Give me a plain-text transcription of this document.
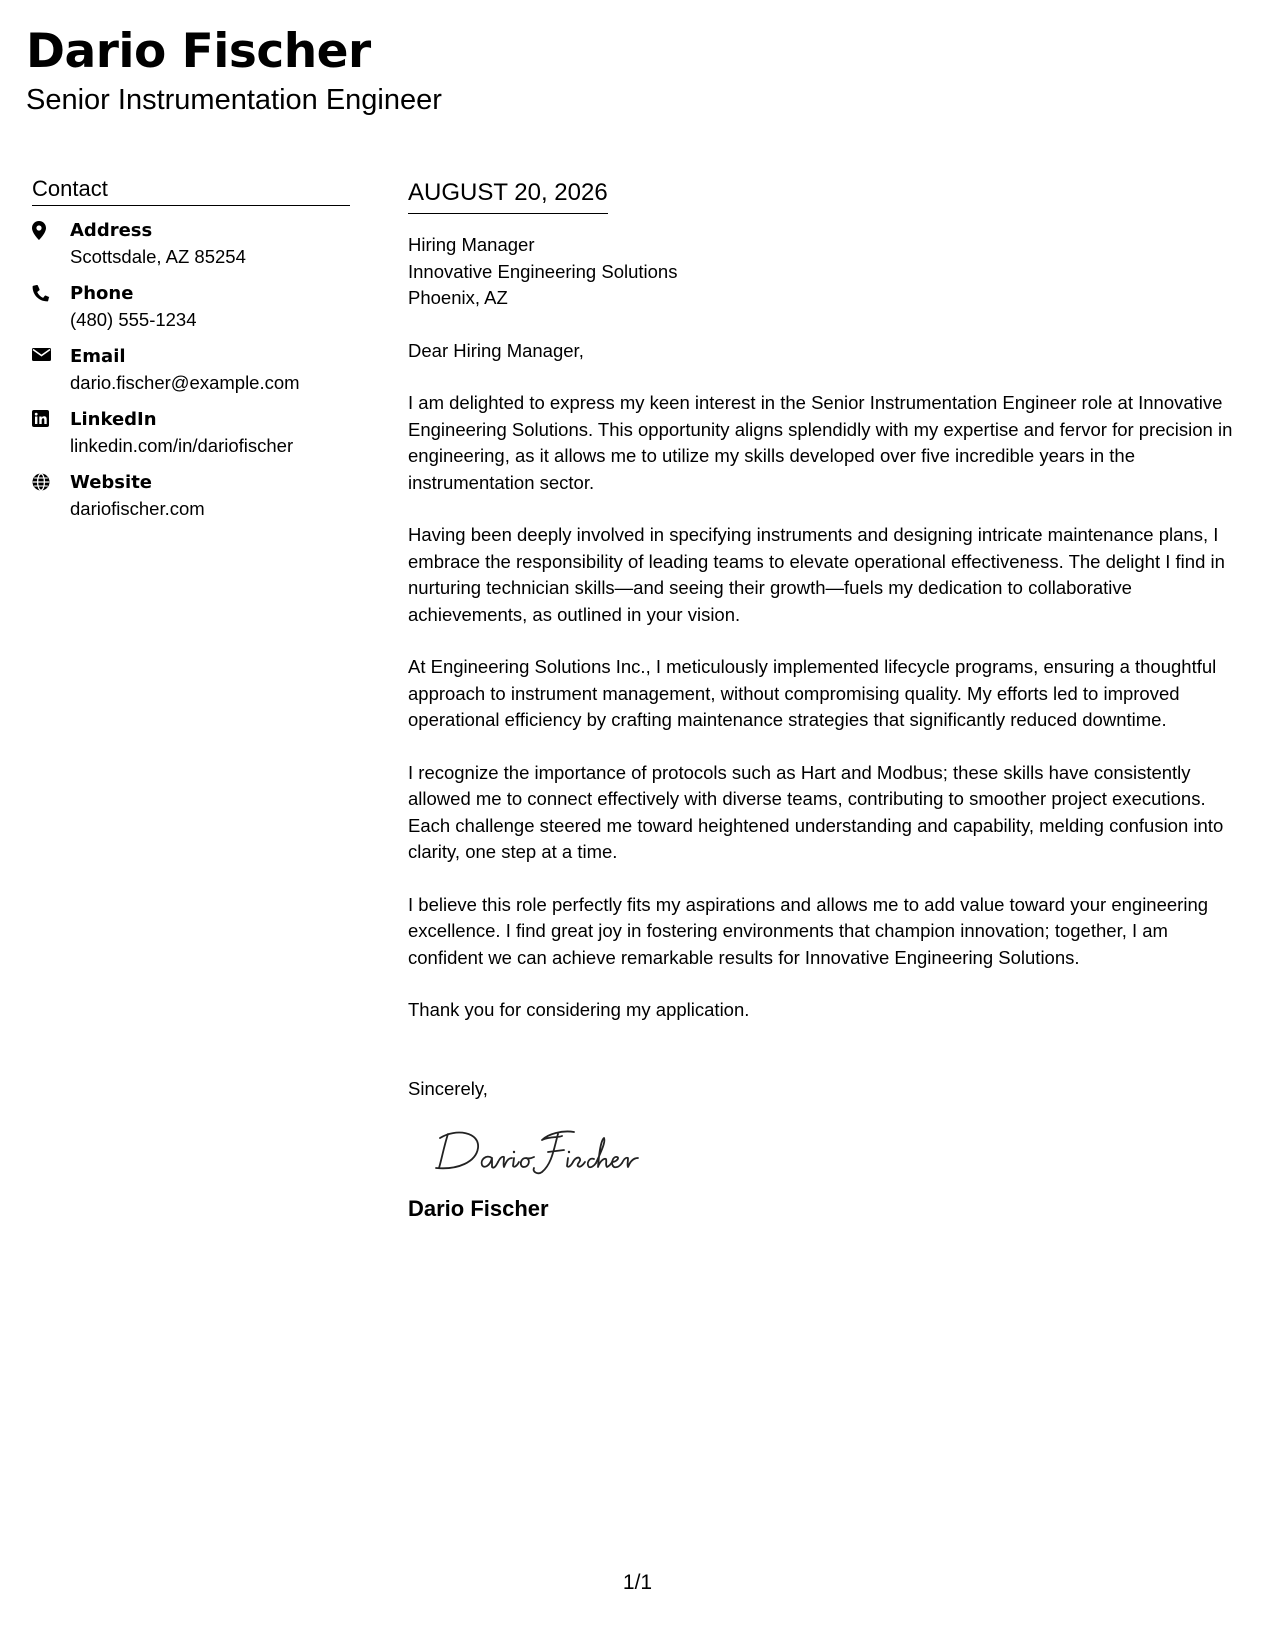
Dario Fischer
Senior Instrumentation Engineer
Contact
Address
Scottsdale, AZ 85254
Phone
(480) 555-1234
Email
dario.fischer@example.com
LinkedIn
linkedin.com/in/dariofischer
Website
dariofischer.com
AUGUST 20, 2026
Hiring Manager
Innovative Engineering Solutions
Phoenix, AZ

Dear Hiring Manager,

I am delighted to express my keen interest in the Senior Instrumentation Engineer role at Innovative Engineering Solutions. This opportunity aligns splendidly with my expertise and fervor for precision in engineering, as it allows me to utilize my skills developed over five incredible years in the instrumentation sector.

Having been deeply involved in specifying instruments and designing intricate maintenance plans, I embrace the responsibility of leading teams to elevate operational effectiveness. The delight I find in nurturing technician skills—and seeing their growth—fuels my dedication to collaborative achievements, as outlined in your vision.

At Engineering Solutions Inc., I meticulously implemented lifecycle programs, ensuring a thoughtful approach to instrument management, without compromising quality. My efforts led to improved operational efficiency by crafting maintenance strategies that significantly reduced downtime.

I recognize the importance of protocols such as Hart and Modbus; these skills have consistently allowed me to connect effectively with diverse teams, contributing to smoother project executions. Each challenge steered me toward heightened understanding and capability, melding confusion into clarity, one step at a time.

I believe this role perfectly fits my aspirations and allows me to add value toward your engineering excellence. I find great joy in fostering environments that champion innovation; together, I am confident we can achieve remarkable results for Innovative Engineering Solutions.

Thank you for considering my application.

Sincerely,

Dario Fischer
1/1
